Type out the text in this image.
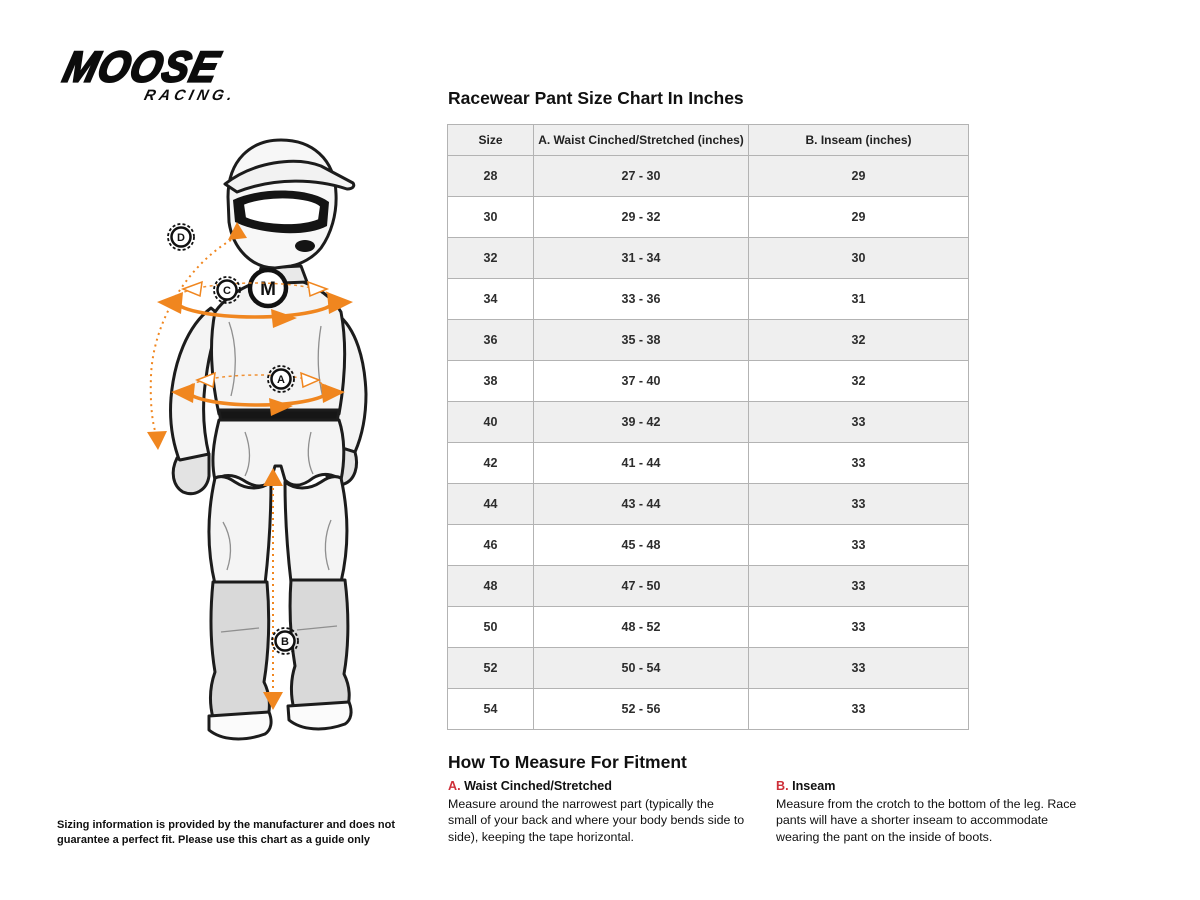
MOOSE
RACING.
M
D
C
A
B
Racewear Pant Size Chart In Inches
Size	A. Waist Cinched/Stretched (inches)	B. Inseam (inches)
28	27 - 30	29
30	29 - 32	29
32	31 - 34	30
34	33 - 36	31
36	35 - 38	32
38	37 - 40	32
40	39 - 42	33
42	41 - 44	33
44	43 - 44	33
46	45 - 48	33
48	47 - 50	33
50	48 - 52	33
52	50 - 54	33
54	52 - 56	33
How To Measure For Fitment
A. Waist Cinched/Stretched
Measure around the narrowest part (typically the small of your back and where your body bends side to side), keeping the tape horizontal.
B. Inseam
Measure from the crotch to the bottom of the leg. Race pants will have a shorter inseam to accommodate wearing the pant on the inside of boots.
Sizing information is provided by the manufacturer and does not guarantee a perfect fit. Please use this chart as a guide only
